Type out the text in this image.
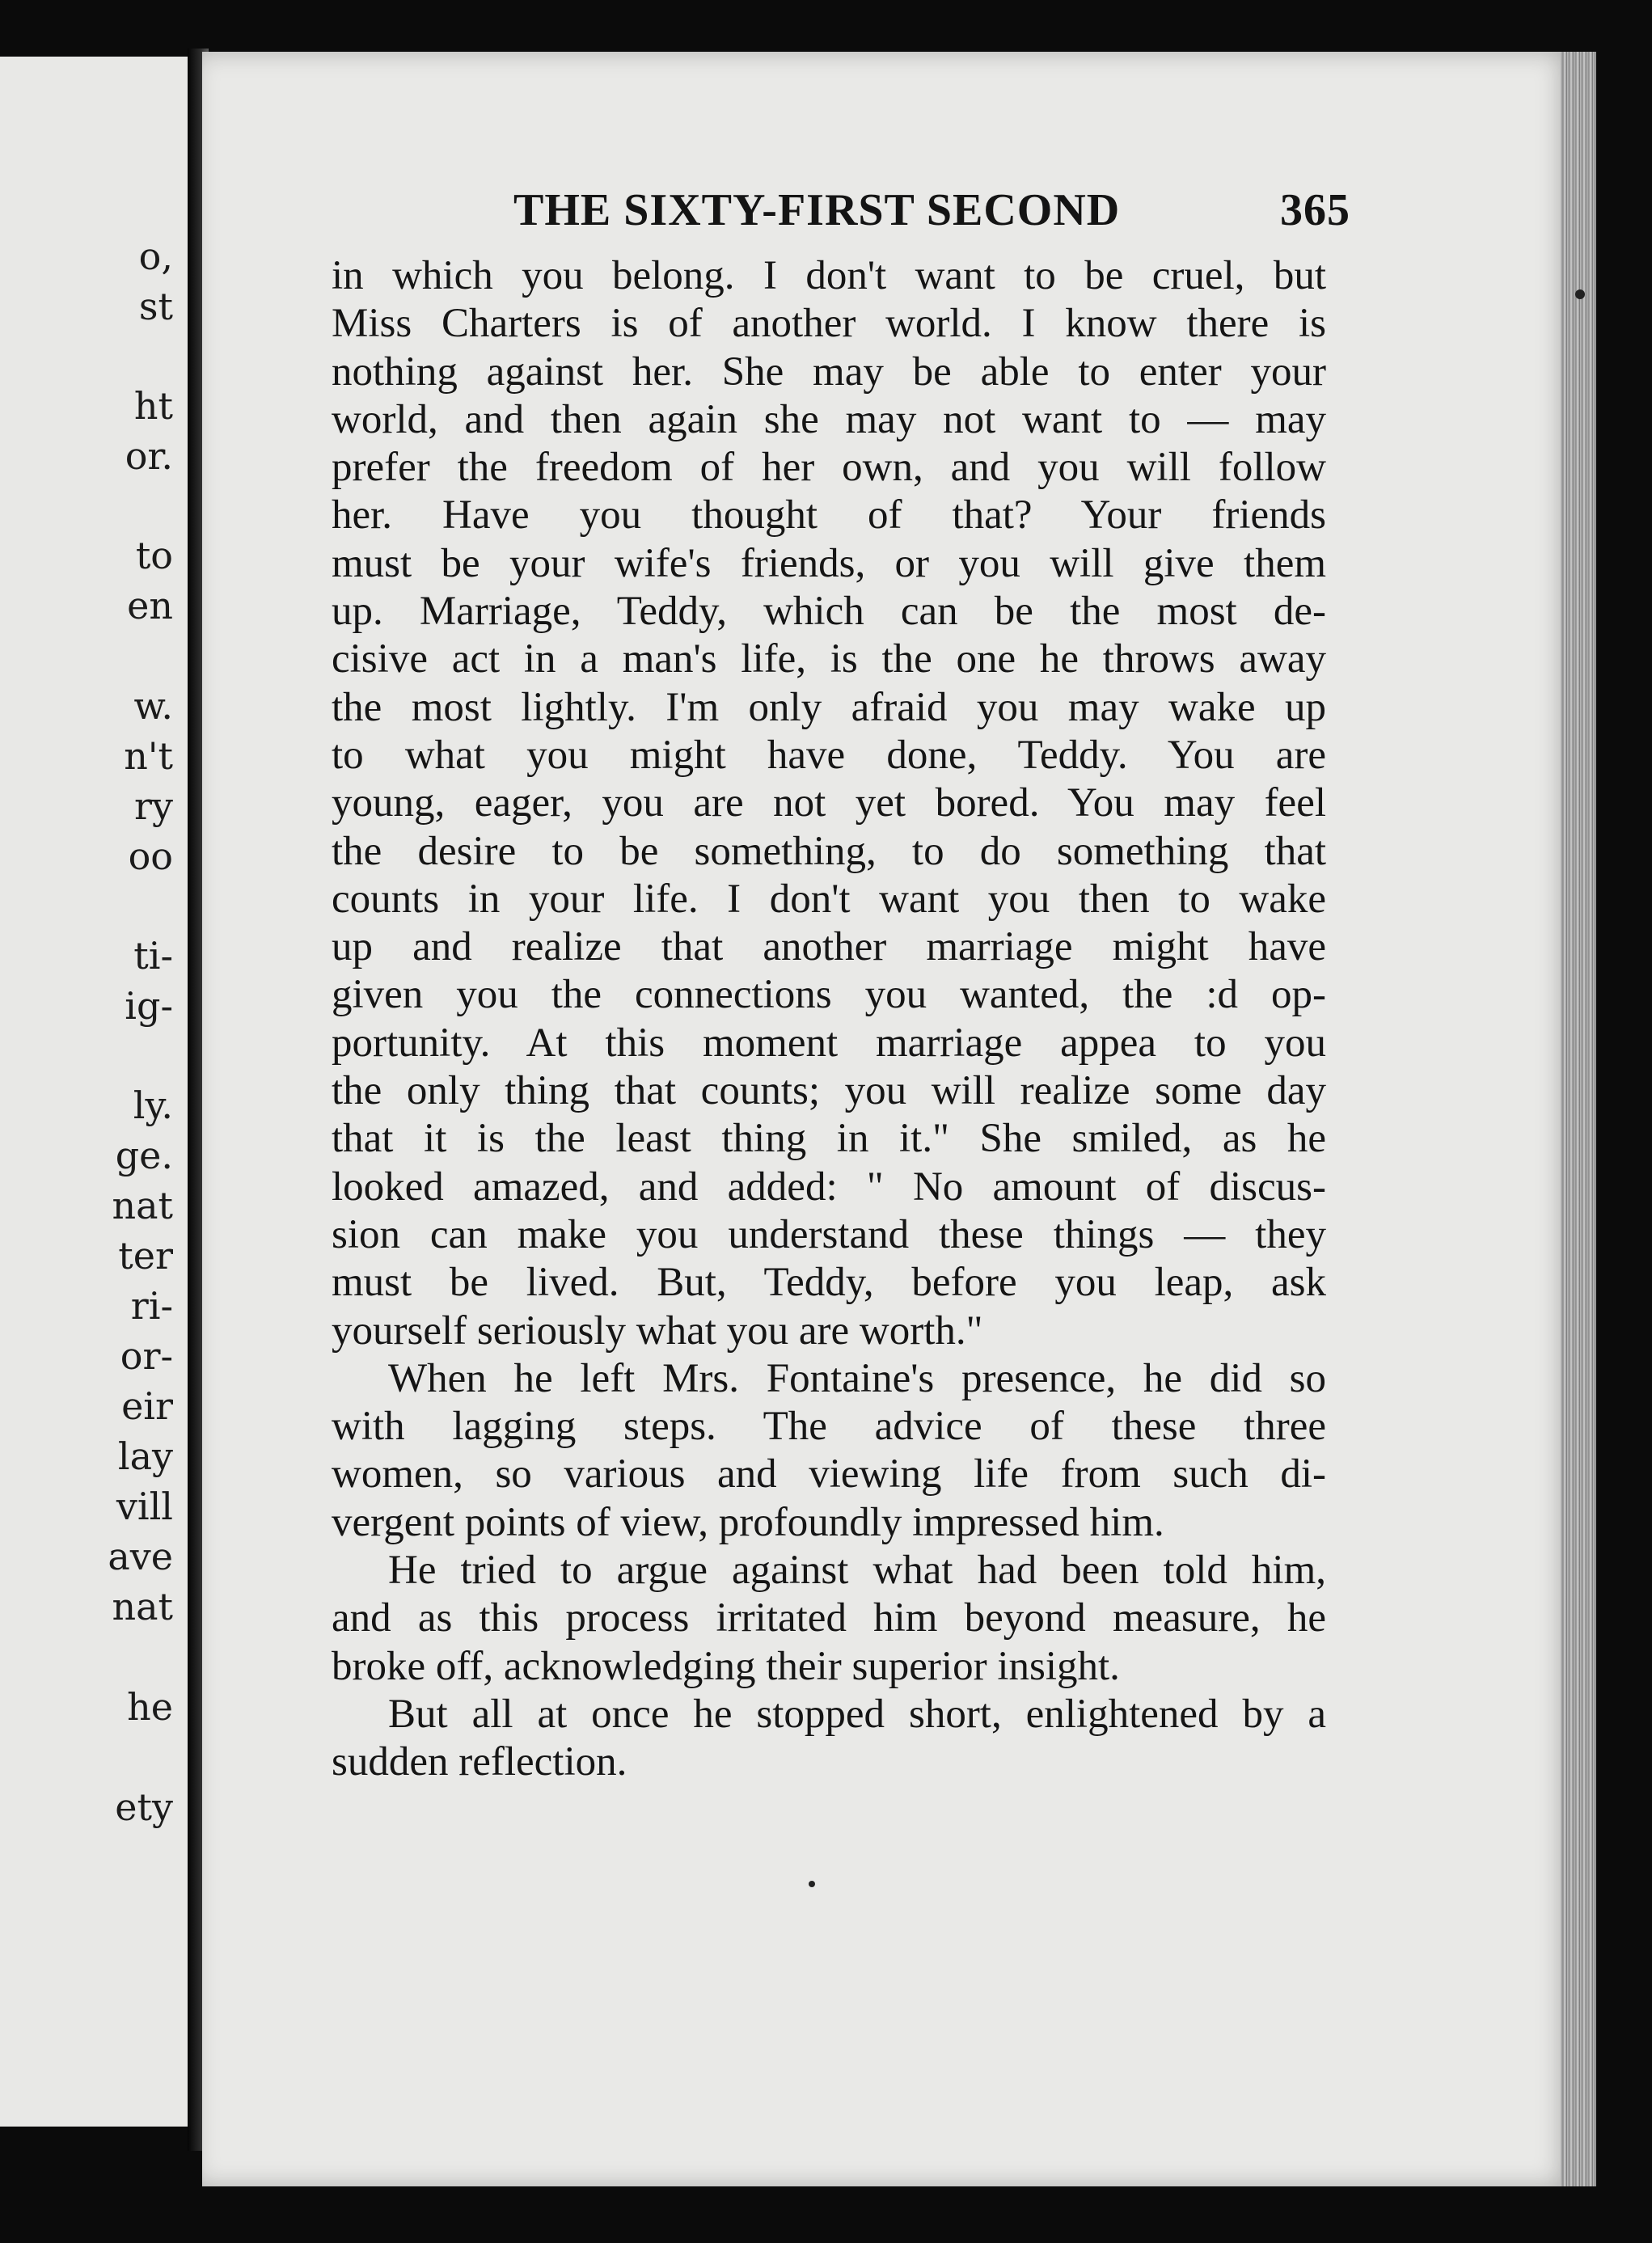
o,
st
ht
or.
to
en
w.
n't
ry
oo
ti-
ig-
ly.
ge.
nat
ter
ri-
or-
eir
lay
vill
ave
nat
he
ety
THE SIXTY-FIRST SECOND	365
in which you belong. I don't want to be cruel, but
Miss Charters is of another world. I know there is
nothing against her. She may be able to enter your
world, and then again she may not want to — may
prefer the freedom of her own, and you will follow
her. Have you thought of that? Your friends
must be your wife's friends, or you will give them
up. Marriage, Teddy, which can be the most de-
cisive act in a man's life, is the one he throws away
the most lightly. I'm only afraid you may wake up
to what you might have done, Teddy. You are
young, eager, you are not yet bored. You may feel
the desire to be something, to do something that
counts in your life. I don't want you then to wake
up and realize that another marriage might have
given you the connections you wanted, the :d op-
portunity. At this moment marriage appea to you
the only thing that counts; you will realize some day
that it is the least thing in it." She smiled, as he
looked amazed, and added: " No amount of discus-
sion can make you understand these things — they
must be lived. But, Teddy, before you leap, ask
yourself seriously what you are worth."
When he left Mrs. Fontaine's presence, he did so
with lagging steps. The advice of these three
women, so various and viewing life from such di-
vergent points of view, profoundly impressed him.
He tried to argue against what had been told him,
and as this process irritated him beyond measure, he
broke off, acknowledging their superior insight.
But all at once he stopped short, enlightened by a
sudden reflection.
